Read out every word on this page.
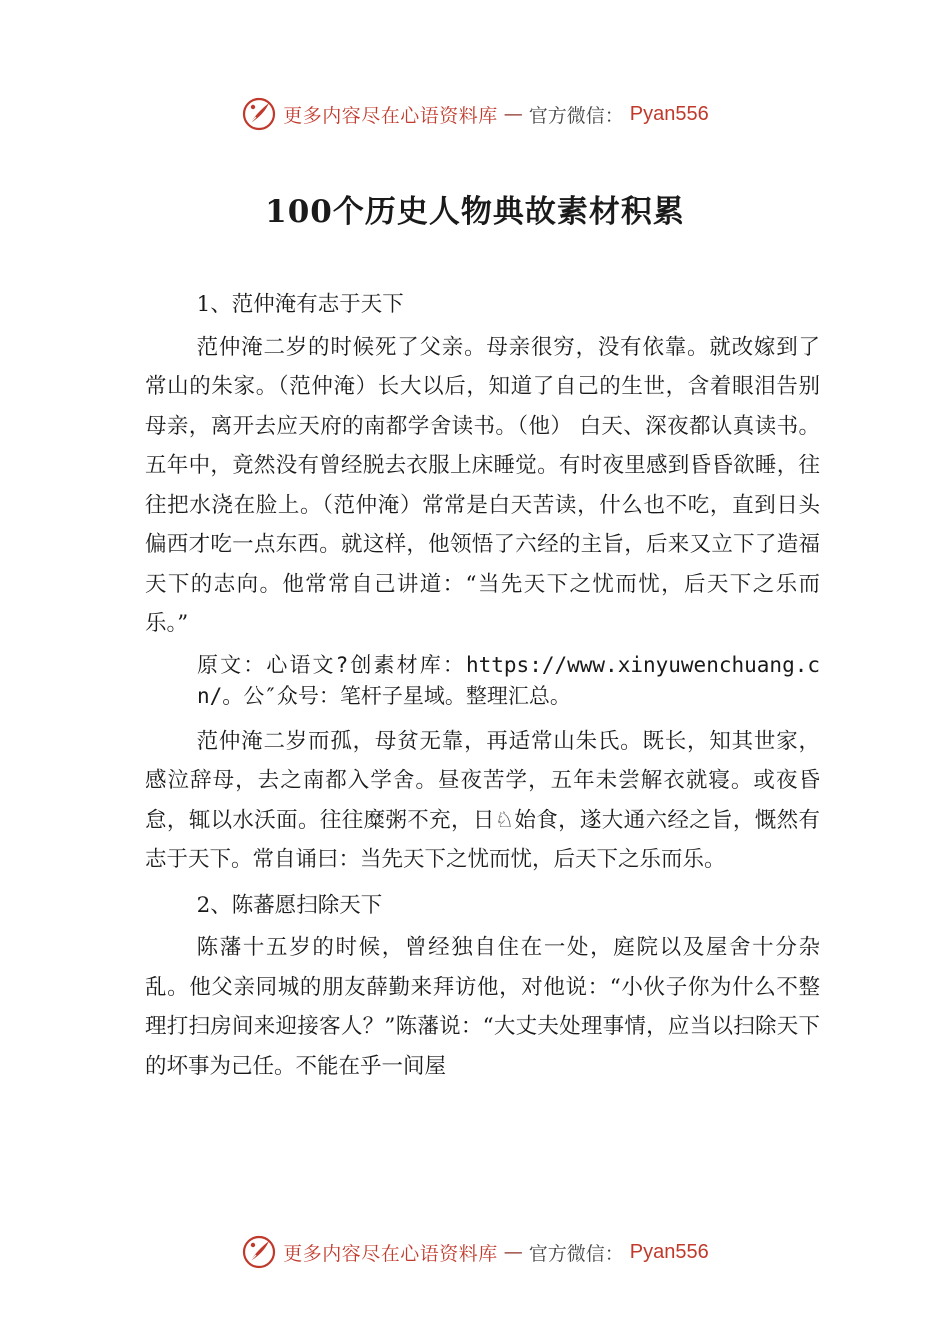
更多内容尽在心语资料库 — 官方微信： Pyan556
100个历史人物典故素材积累

1、范仲淹有志于天下

范仲淹二岁的时候死了父亲。母亲很穷，没有依靠。就改嫁到了常山的朱家。（范仲淹）长大以后，知道了自己的生世，含着眼泪告别母亲，离开去应天府的南都学舍读书。（他） 白天、深夜都认真读书。五年中，竟然没有曾经脱去衣服上床睡觉。有时夜里感到昏昏欲睡，往往把水浇在脸上。（范仲淹）常常是白天苦读，什么也不吃，直到日头偏西才吃一点东西。就这样，他领悟了六经的主旨，后来又立下了造福天下的志向。他常常自己讲道：“当先天下之忧而忧，后天下之乐而乐。”

原文：心语文?创素材库：https://www.xinyuwenchuang.cn/。公″众号：笔杆子星域。整理汇总。

范仲淹二岁而孤，母贫无靠，再适常山朱氏。既长，知其世家，感泣辞母，去之南都入学舍。昼夜苦学，五年未尝解衣就寝。或夜昏怠，辄以水沃面。往往糜粥不充，日♘始食，遂大通六经之旨，慨然有志于天下。常自诵曰：当先天下之忧而忧，后天下之乐而乐。

2、陈蕃愿扫除天下

陈藩十五岁的时候，曾经独自住在一处，庭院以及屋舍十分杂乱。他父亲同城的朋友薛勤来拜访他，对他说：“小伙子你为什么不整理打扫房间来迎接客人？”陈藩说：“大丈夫处理事情，应当以扫除天下的坏事为己任。不能在乎一间屋

更多内容尽在心语资料库 — 官方微信： Pyan556
